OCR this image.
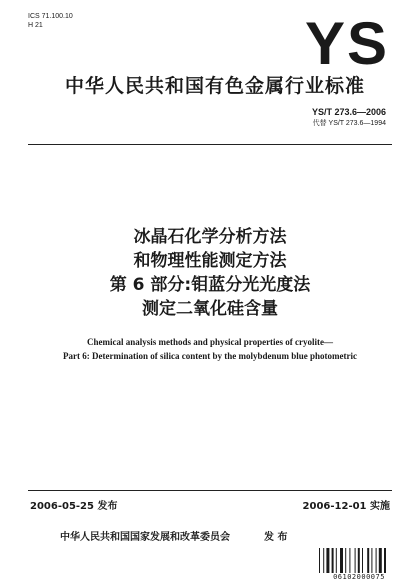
ICS 71.100.10
H 21	YS
中华人民共和国有色金属行业标准
YS/T 273.6—2006
代替 YS/T 273.6—1994
冰晶石化学分析方法
和物理性能测定方法
第 6 部分:钼蓝分光光度法
测定二氧化硅含量
Chemical analysis methods and physical properties of cryolite—
Part 6: Determination of silica content by the molybdenum blue photometric
2006-05-25 发布	2006-12-01 实施
中华人民共和国国家发展和改革委员会	发 布
06102000075
